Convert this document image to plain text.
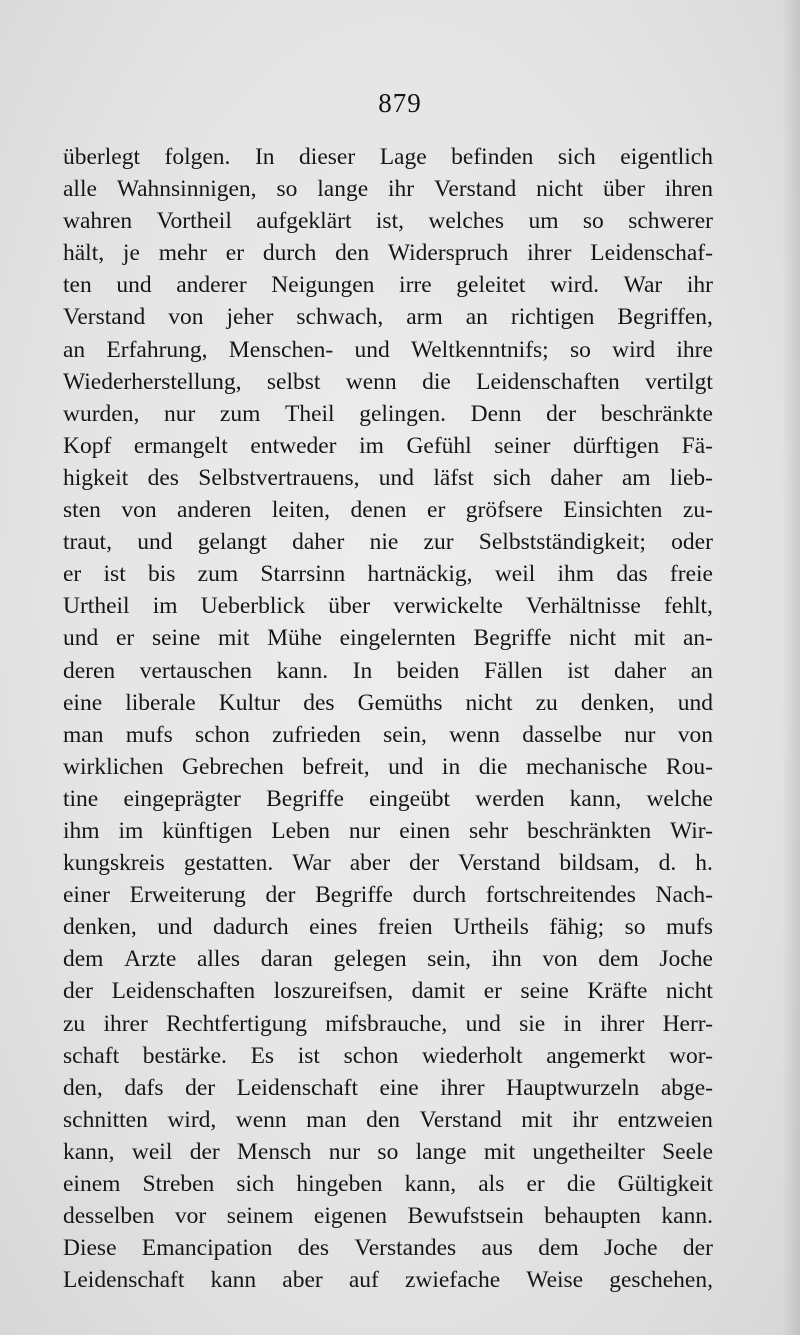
879
überlegt folgen. In dieser Lage befinden sich eigentlich
alle Wahnsinnigen, so lange ihr Verstand nicht über ihren
wahren Vortheil aufgeklärt ist, welches um so schwerer
hält, je mehr er durch den Widerspruch ihrer Leidenschaf-
ten und anderer Neigungen irre geleitet wird. War ihr
Verstand von jeher schwach, arm an richtigen Begriffen,
an Erfahrung, Menschen- und Weltkenntnifs; so wird ihre
Wiederherstellung, selbst wenn die Leidenschaften vertilgt
wurden, nur zum Theil gelingen. Denn der beschränkte
Kopf ermangelt entweder im Gefühl seiner dürftigen Fä-
higkeit des Selbstvertrauens, und läfst sich daher am lieb-
sten von anderen leiten, denen er gröfsere Einsichten zu-
traut, und gelangt daher nie zur Selbstständigkeit; oder
er ist bis zum Starrsinn hartnäckig, weil ihm das freie
Urtheil im Ueberblick über verwickelte Verhältnisse fehlt,
und er seine mit Mühe eingelernten Begriffe nicht mit an-
deren vertauschen kann. In beiden Fällen ist daher an
eine liberale Kultur des Gemüths nicht zu denken, und
man mufs schon zufrieden sein, wenn dasselbe nur von
wirklichen Gebrechen befreit, und in die mechanische Rou-
tine eingeprägter Begriffe eingeübt werden kann, welche
ihm im künftigen Leben nur einen sehr beschränkten Wir-
kungskreis gestatten. War aber der Verstand bildsam, d. h.
einer Erweiterung der Begriffe durch fortschreitendes Nach-
denken, und dadurch eines freien Urtheils fähig; so mufs
dem Arzte alles daran gelegen sein, ihn von dem Joche
der Leidenschaften loszureifsen, damit er seine Kräfte nicht
zu ihrer Rechtfertigung mifsbrauche, und sie in ihrer Herr-
schaft bestärke. Es ist schon wiederholt angemerkt wor-
den, dafs der Leidenschaft eine ihrer Hauptwurzeln abge-
schnitten wird, wenn man den Verstand mit ihr entzweien
kann, weil der Mensch nur so lange mit ungetheilter Seele
einem Streben sich hingeben kann, als er die Gültigkeit
desselben vor seinem eigenen Bewufstsein behaupten kann.
Diese Emancipation des Verstandes aus dem Joche der
Leidenschaft kann aber auf zwiefache Weise geschehen,
